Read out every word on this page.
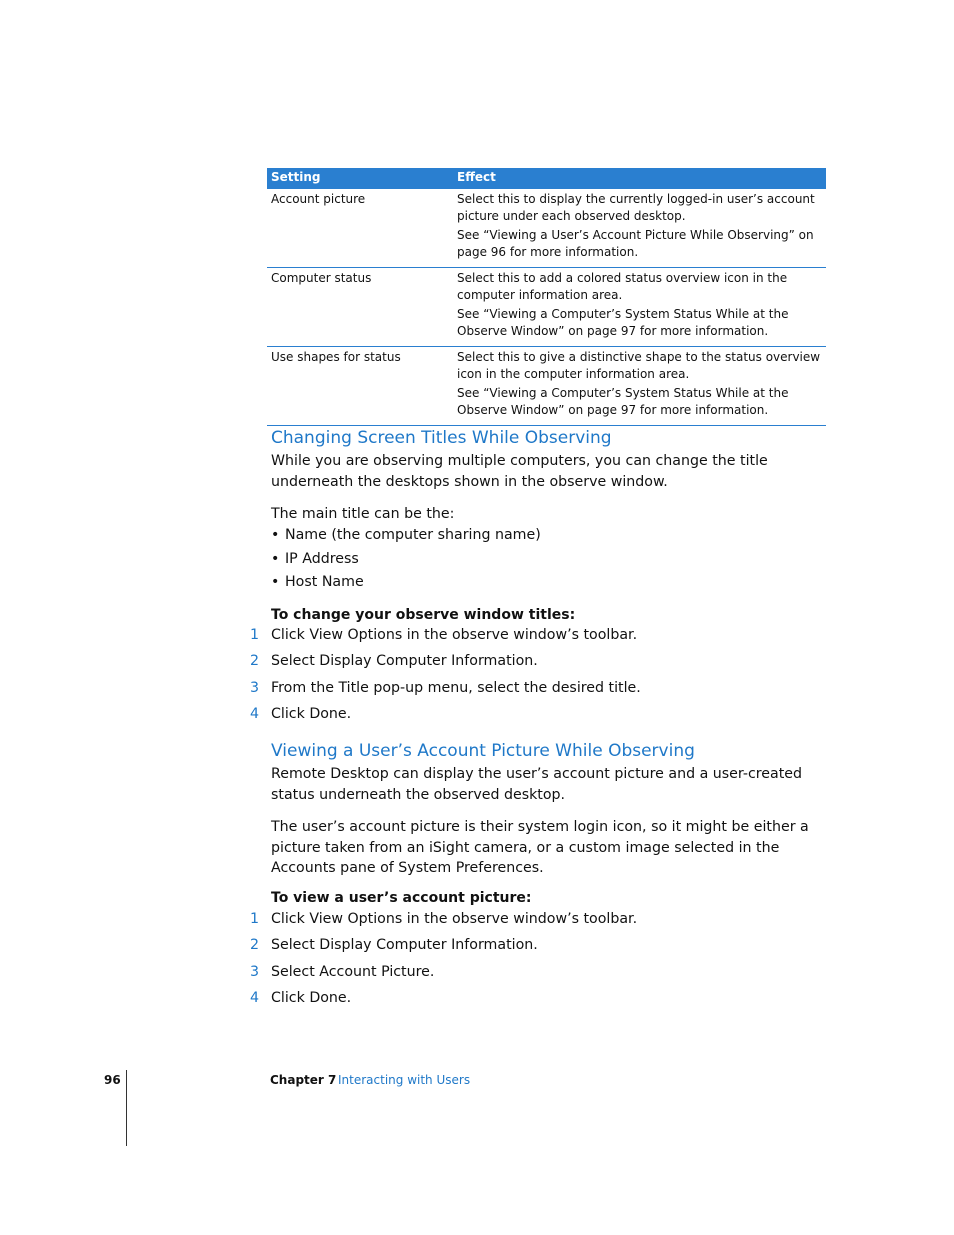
Setting	Effect
Account picture	Select this to display the currently logged-in user’s account picture under each observed desktop.

See “Viewing a User’s Account Picture While Observing” on page 96 for more information.

Computer status	Select this to add a colored status overview icon in the computer information area.

See “Viewing a Computer’s System Status While at the Observe Window” on page 97 for more information.

Use shapes for status	Select this to give a distinctive shape to the status overview icon in the computer information area.

See “Viewing a Computer’s System Status While at the Observe Window” on page 97 for more information.

Changing Screen Titles While Observing

While you are observing multiple computers, you can change the title underneath the desktops shown in the observe window.

The main title can be the:

• Name (the computer sharing name)
• IP Address
• Host Name

To change your observe window titles:

1 Click View Options in the observe window’s toolbar.
2 Select Display Computer Information.
3 From the Title pop-up menu, select the desired title.
4 Click Done.
Viewing a User’s Account Picture While Observing

Remote Desktop can display the user’s account picture and a user-created status underneath the observed desktop.

The user’s account picture is their system login icon, so it might be either a picture taken from an iSight camera, or a custom image selected in the Accounts pane of System Preferences.

To view a user’s account picture:

1 Click View Options in the observe window’s toolbar.
2 Select Display Computer Information.
3 Select Account Picture.
4 Click Done.
96	Chapter 7 Interacting with Users
